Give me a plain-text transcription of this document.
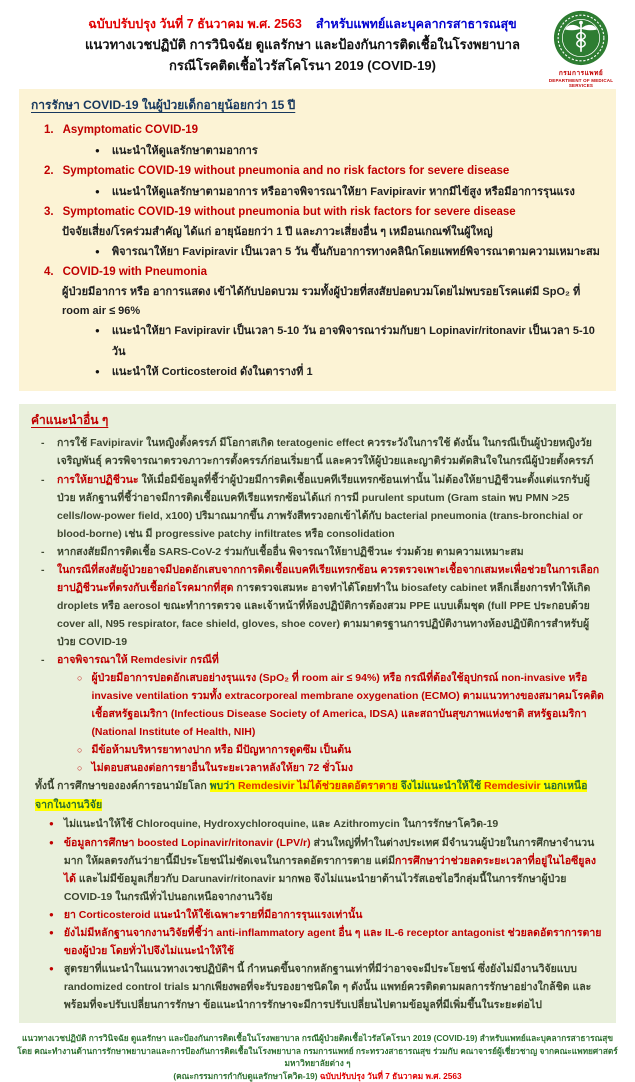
ฉบับปรับปรุง วันที่ 7 ธันวาคม พ.ศ. 2563 สำหรับแพทย์และบุคลากรสาธารณสุข
แนวทางเวชปฏิบัติ การวินิจฉัย ดูแลรักษา และป้องกันการติดเชื้อในโรงพยาบาล
กรณีโรคติดเชื้อไวรัสโคโรนา 2019 (COVID-19)
กรมการแพทย์
DEPARTMENT OF MEDICAL SERVICES
การรักษา COVID-19 ในผู้ป่วยเด็กอายุน้อยกว่า 15 ปี
1. Asymptomatic COVID-19
● แนะนำให้ดูแลรักษาตามอาการ
2. Symptomatic COVID-19 without pneumonia and no risk factors for severe disease
● แนะนำให้ดูแลรักษาตามอาการ หรืออาจพิจารณาให้ยา Favipiravir หากมีไข้สูง หรือมีอาการรุนแรง
3. Symptomatic COVID-19 without pneumonia but with risk factors for severe disease
ปัจจัยเสี่ยง/โรคร่วมสำคัญ ได้แก่ อายุน้อยกว่า 1 ปี และภาวะเสี่ยงอื่น ๆ เหมือนเกณฑ์ในผู้ใหญ่
● พิจารณาให้ยา Favipiravir เป็นเวลา 5 วัน ขึ้นกับอาการทางคลินิกโดยแพทย์พิจารณาตามความเหมาะสม
4. COVID-19 with Pneumonia
ผู้ป่วยมีอาการ หรือ อาการแสดง เข้าได้กับปอดบวม รวมทั้งผู้ป่วยที่สงสัยปอดบวมโดยไม่พบรอยโรคแต่มี SpO₂ ที่ room air ≤ 96%
● แนะนำให้ยา Favipiravir เป็นเวลา 5-10 วัน อาจพิจารณาร่วมกับยา Lopinavir/ritonavir เป็นเวลา 5-10 วัน
● แนะนำให้ Corticosteroid ดังในตารางที่ 1
คำแนะนำอื่น ๆ
-	การใช้ Favipiravir ในหญิงตั้งครรภ์ มีโอกาสเกิด teratogenic effect ควรระวังในการใช้ ดังนั้น ในกรณีเป็นผู้ป่วยหญิงวัยเจริญพันธุ์ ควรพิจารณาตรวจภาวะการตั้งครรภ์ก่อนเริ่มยานี้ และควรให้ผู้ป่วยและญาติร่วมตัดสินใจในกรณีผู้ป่วยตั้งครรภ์
-	การให้ยาปฏิชีวนะ ให้เมื่อมีข้อมูลที่ชี้ว่าผู้ป่วยมีการติดเชื้อแบคทีเรียแทรกซ้อนเท่านั้น ไม่ต้องให้ยาปฏิชีวนะตั้งแต่แรกรับผู้ป่วย หลักฐานที่ชี้ว่าอาจมีการติดเชื้อแบคทีเรียแทรกซ้อนได้แก่ การมี purulent sputum (Gram stain พบ PMN >25 cells/low-power field, x100) ปริมาณมากขึ้น ภาพรังสีทรวงอกเข้าได้กับ bacterial pneumonia (trans-bronchial or blood-borne) เช่น มี progressive patchy infiltrates หรือ consolidation
-	หากสงสัยมีการติดเชื้อ SARS-CoV-2 ร่วมกับเชื้ออื่น พิจารณาให้ยาปฏิชีวนะ ร่วมด้วย ตามความเหมาะสม
-	ในกรณีที่สงสัยผู้ป่วยอาจมีปอดอักเสบจากการติดเชื้อแบคทีเรียแทรกซ้อน ควรตรวจเพาะเชื้อจากเสมหะเพื่อช่วยในการเลือกยาปฏิชีวนะที่ตรงกับเชื้อก่อโรคมากที่สุด การตรวจเสมหะ อาจทำได้โดยทำใน biosafety cabinet หลีกเลี่ยงการทำให้เกิด droplets หรือ aerosol ขณะทำการตรวจ และเจ้าหน้าที่ห้องปฏิบัติการต้องสวม PPE แบบเต็มชุด (full PPE ประกอบด้วย cover all, N95 respirator, face shield, gloves, shoe cover) ตามมาตรฐานการปฏิบัติงานทางห้องปฏิบัติการสำหรับผู้ป่วย COVID-19
-	อาจพิจารณาให้ Remdesivir กรณีที่
○ ผู้ป่วยมีอาการปอดอักเสบอย่างรุนแรง (SpO₂ ที่ room air ≤ 94%) หรือ กรณีที่ต้องใช้อุปกรณ์ non-invasive หรือ invasive ventilation รวมทั้ง extracorporeal membrane oxygenation (ECMO) ตามแนวทางของสมาคมโรคติดเชื้อสหรัฐอเมริกา (Infectious Disease Society of America, IDSA) และสถาบันสุขภาพแห่งชาติ สหรัฐอเมริกา (National Institute of Health, NIH)
○ มีข้อห้ามบริหารยาทางปาก หรือ มีปัญหาการดูดซึม เป็นต้น
○ ไม่ตอบสนองต่อการยาอื่นในระยะเวลาหลังให้ยา 72 ชั่วโมง
ทั้งนี้ การศึกษาขององค์การอนามัยโลก พบว่า Remdesivir ไม่ได้ช่วยลดอัตราตาย จึงไม่แนะนำให้ใช้ Remdesivir นอกเหนือจากในงานวิจัย
● ไม่แนะนำให้ใช้ Chloroquine, Hydroxychloroquine, และ Azithromycin ในการรักษาโควิด-19
● ข้อมูลการศึกษา boosted Lopinavir/ritonavir (LPV/r) ส่วนใหญ่ที่ทำในต่างประเทศ มีจำนวนผู้ป่วยในการศึกษาจำนวนมาก ให้ผลตรงกันว่ายานี้มีประโยชน์ไม่ชัดเจนในการลดอัตราการตาย แต่มีการศึกษาว่าช่วยลดระยะเวลาที่อยู่ในไอซียูลงได้ และไม่มีข้อมูลเกี่ยวกับ Darunavir/ritonavir มากพอ จึงไม่แนะนำยาต้านไวรัสเอชไอวีกลุ่มนี้ในการรักษาผู้ป่วย COVID-19 ในกรณีทั่วไปนอกเหนือจากงานวิจัย
● ยา Corticosteroid แนะนำให้ใช้เฉพาะรายที่มีอาการรุนแรงเท่านั้น
● ยังไม่มีหลักฐานจากงานวิจัยที่ชี้ว่า anti-inflammatory agent อื่น ๆ และ IL-6 receptor antagonist ช่วยลดอัตราการตายของผู้ป่วย โดยทั่วไปจึงไม่แนะนำให้ใช้
● สูตรยาที่แนะนำในแนวทางเวชปฏิบัติฯ นี้ กำหนดขึ้นจากหลักฐานเท่าที่มีว่าอาจจะมีประโยชน์ ซึ่งยังไม่มีงานวิจัยแบบ randomized control trials มากเพียงพอที่จะรับรองยาชนิดใด ๆ ดังนั้น แพทย์ควรติดตามผลการรักษาอย่างใกล้ชิด และพร้อมที่จะปรับเปลี่ยนการรักษา ข้อแนะนำการรักษาจะมีการปรับเปลี่ยนไปตามข้อมูลที่มีเพิ่มขึ้นในระยะต่อไป
แนวทางเวชปฏิบัติ การวินิจฉัย ดูแลรักษา และป้องกันการติดเชื้อในโรงพยาบาล กรณีผู้ป่วยติดเชื้อไวรัสโคโรนา 2019 (COVID-19) สำหรับแพทย์และบุคลากรสาธารณสุข
โดย คณะทำงานด้านการรักษาพยาบาลและการป้องกันการติดเชื้อในโรงพยาบาล กรมการแพทย์ กระทรวงสาธารณสุข ร่วมกับ คณาจารย์ผู้เชี่ยวชาญ จากคณะแพทยศาสตร์ มหาวิทยาลัยต่าง ๆ
(คณะกรรมการกำกับดูแลรักษาโควิด-19) ฉบับปรับปรุง วันที่ 7 ธันวาคม พ.ศ. 2563
